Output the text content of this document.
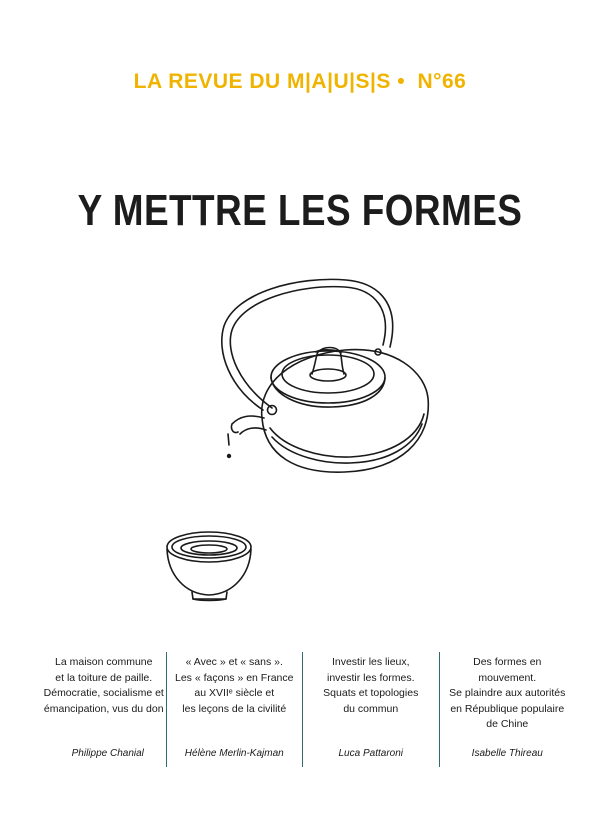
LA REVUE DU M|A|U|S|S • N°66
Y METTRE LES FORMES
La maison commune
et la toiture de paille.
Démocratie, socialisme et
émancipation, vus du don
Philippe Chanial
« Avec » et « sans ».
Les « façons » en France
au XVIIᵉ siècle et
les leçons de la civilité
Hélène Merlin-Kajman
Investir les lieux,
investir les formes.
Squats et topologies
du commun
Luca Pattaroni
Des formes en mouvement.
Se plaindre aux autorités
en République populaire
de Chine
Isabelle Thireau
